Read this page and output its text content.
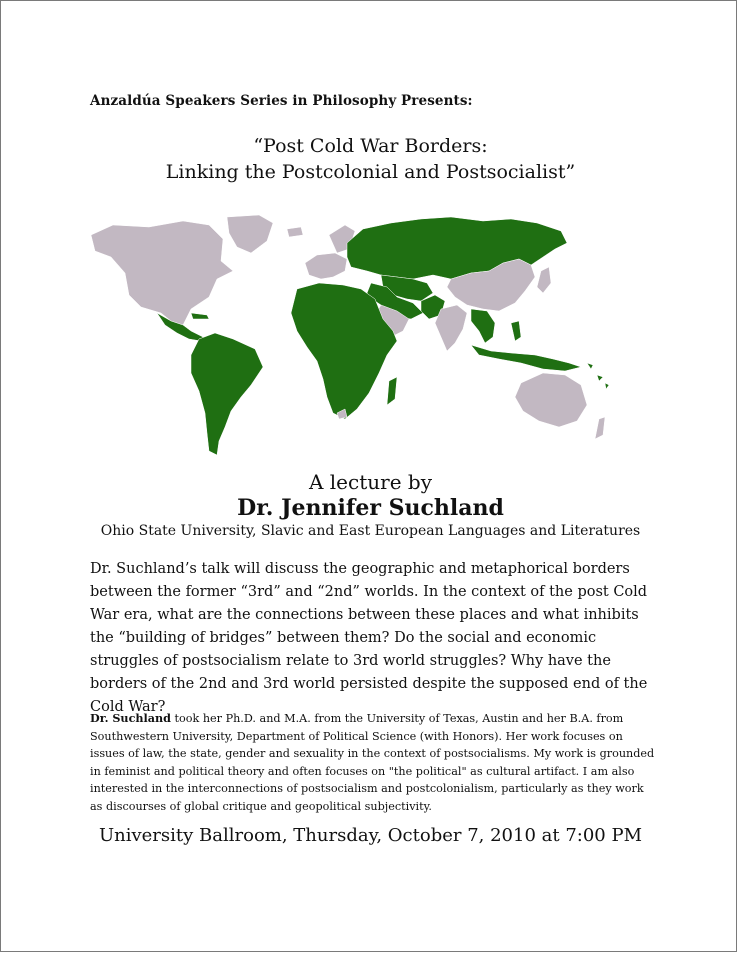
Anzaldúa Speakers Series in Philosophy Presents:
“Post Cold War Borders:
Linking the Postcolonial and Postsocialist”
A lecture by
Dr. Jennifer Suchland
Ohio State University, Slavic and East European Languages and Literatures

Dr. Suchland’s talk will discuss the geographic and metaphorical borders between the former “3rd” and “2nd” worlds. In the context of the post Cold War era, what are the connections between these places and what inhibits the “building of bridges” between them? Do the social and economic struggles of postsocialism relate to 3rd world struggles? Why have the borders of the 2nd and 3rd world persisted despite the supposed end of the Cold War?

Dr. Suchland took her Ph.D. and M.A. from the University of Texas, Austin and her B.A. from Southwestern University, Department of Political Science (with Honors). Her work focuses on issues of law, the state, gender and sexuality in the context of postsocialisms. My work is grounded in feminist and political theory and often focuses on "the political" as cultural artifact. I am also interested in the interconnections of postsocialism and postcolonialism, particularly as they work as discourses of global critique and geopolitical subjectivity.

University Ballroom, Thursday, October 7, 2010 at 7:00 PM
